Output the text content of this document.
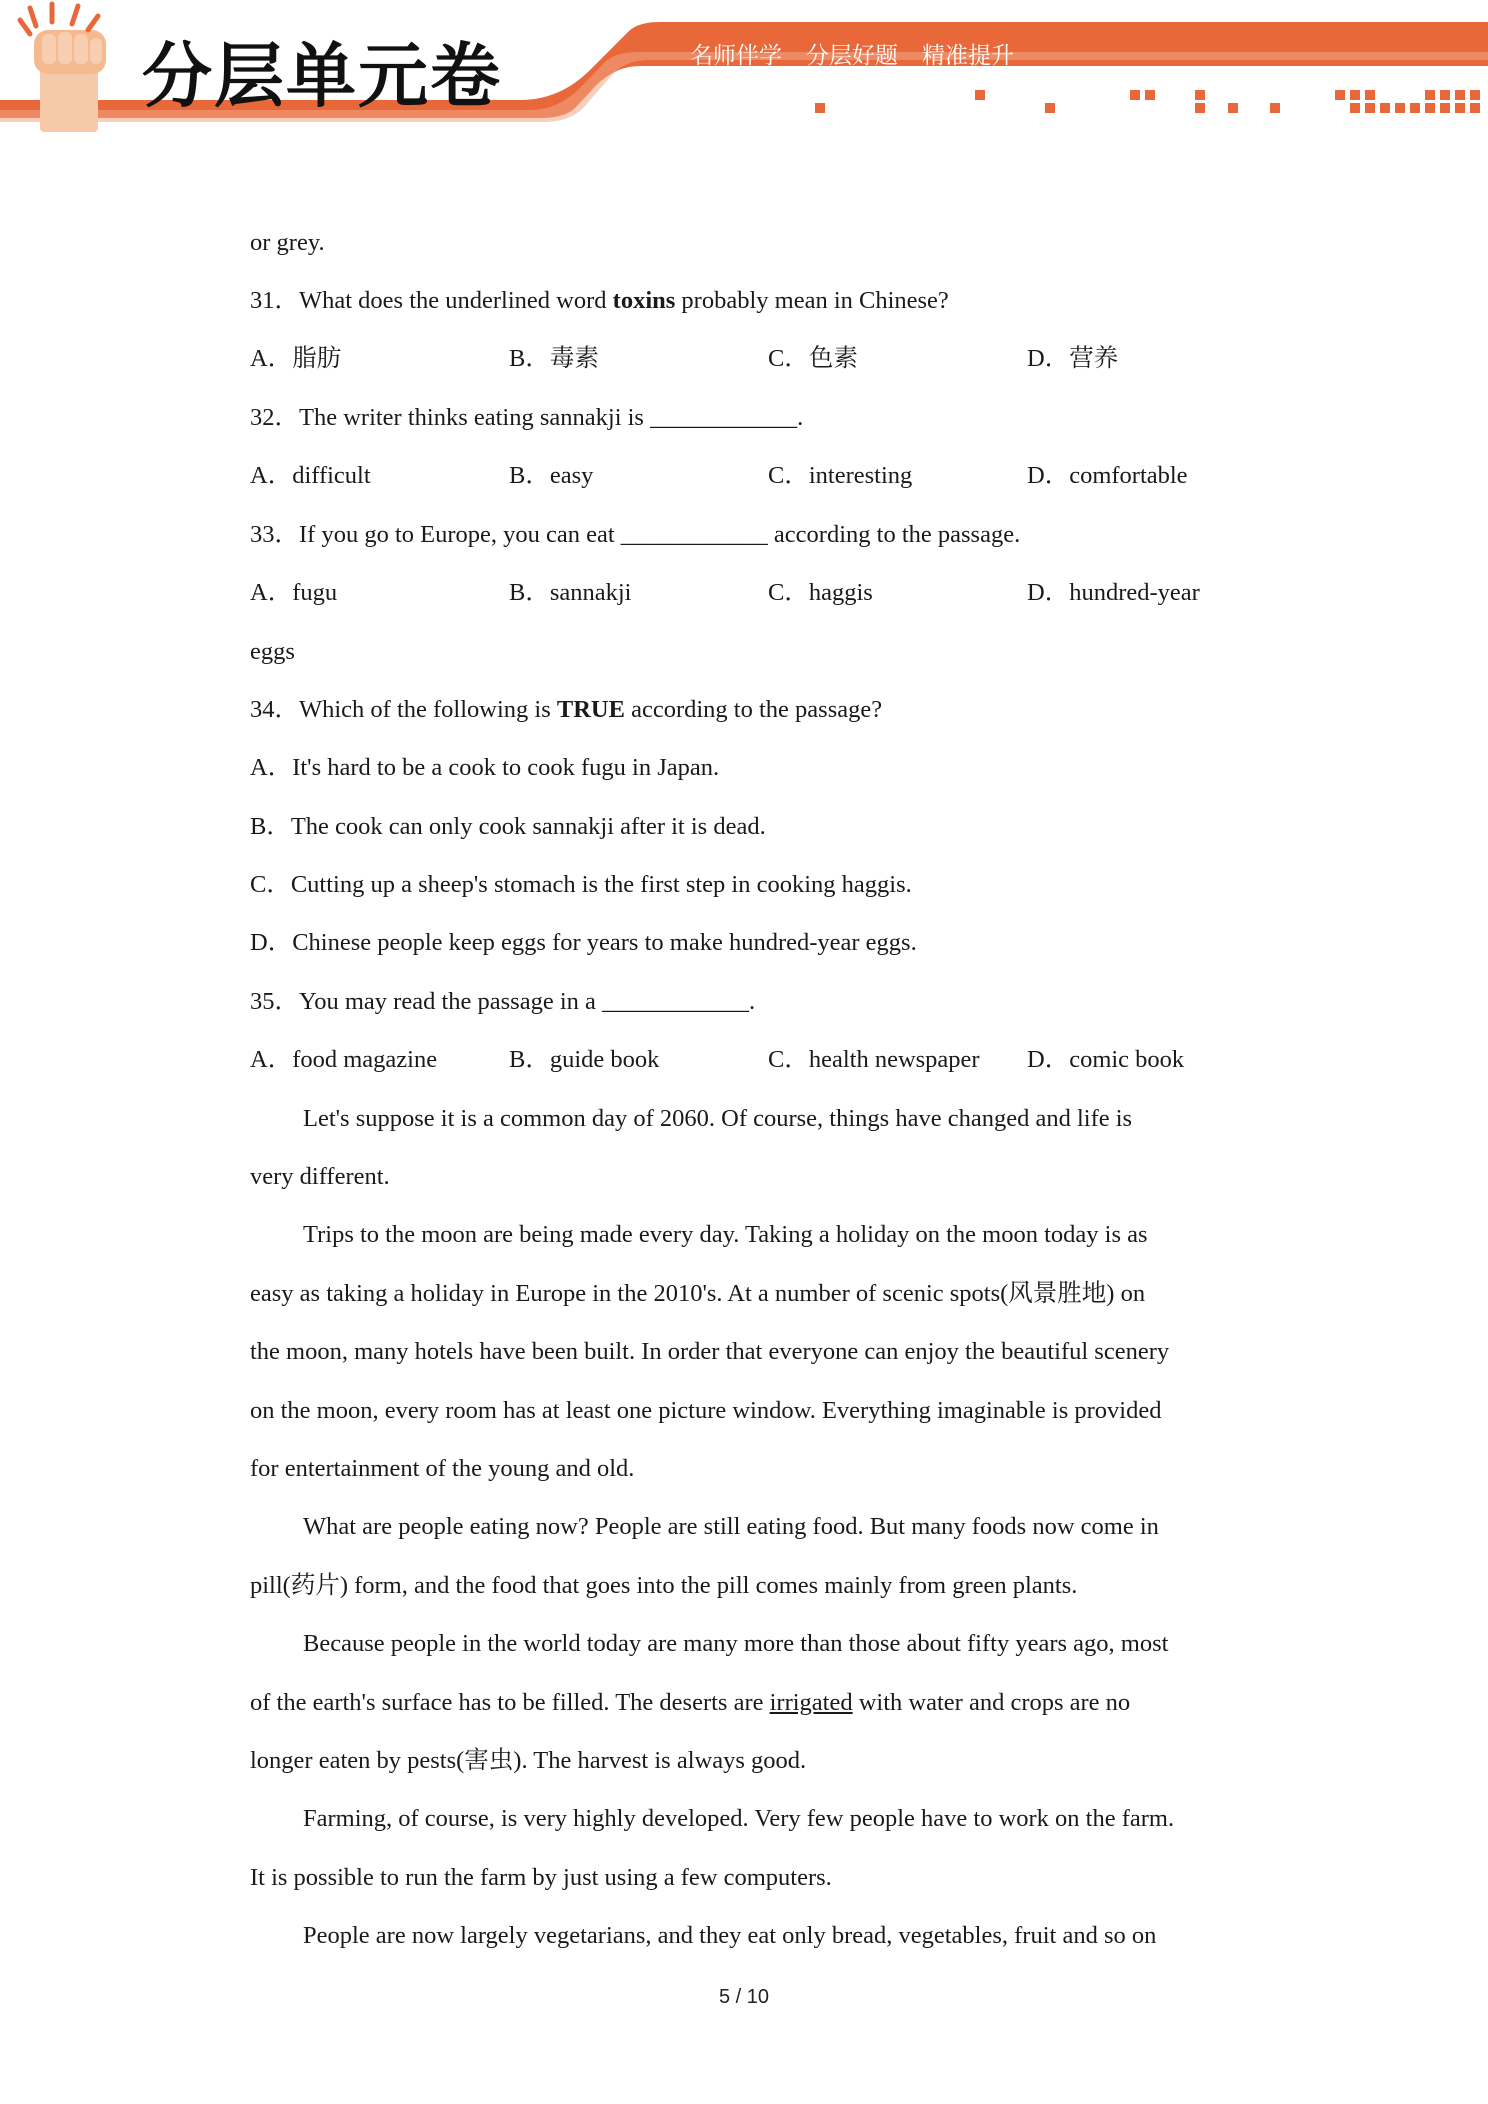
分层单元卷	名师伴学 分层好题 精准提升
or grey.
31．What does the underlined word toxins probably mean in Chinese?
A．脂肪	B．毒素	C．色素	D．营养
32．The writer thinks eating sannakji is ____________.
A．difficult	B．easy	C．interesting	D．comfortable
33．If you go to Europe, you can eat ____________ according to the passage.
A．fugu	B．sannakji	C．haggis	D．hundred-year
eggs
34．Which of the following is TRUE according to the passage?
A．It's hard to be a cook to cook fugu in Japan.
B．The cook can only cook sannakji after it is dead.
C．Cutting up a sheep's stomach is the first step in cooking haggis.
D．Chinese people keep eggs for years to make hundred-year eggs.
35．You may read the passage in a ____________.
A．food magazine	B．guide book	C．health newspaper D．comic book
Let's suppose it is a common day of 2060. Of course, things have changed and life is
very different.
Trips to the moon are being made every day. Taking a holiday on the moon today is as
easy as taking a holiday in Europe in the 2010's. At a number of scenic spots(风景胜地) on
the moon, many hotels have been built. In order that everyone can enjoy the beautiful scenery
on the moon, every room has at least one picture window. Everything imaginable is provided
for entertainment of the young and old.
What are people eating now? People are still eating food. But many foods now come in
pill(药片) form, and the food that goes into the pill comes mainly from green plants.
Because people in the world today are many more than those about fifty years ago, most
of the earth's surface has to be filled. The deserts are irrigated with water and crops are no
longer eaten by pests(害虫). The harvest is always good.
Farming, of course, is very highly developed. Very few people have to work on the farm.
It is possible to run the farm by just using a few computers.
People are now largely vegetarians, and they eat only bread, vegetables, fruit and so on
5 / 10
